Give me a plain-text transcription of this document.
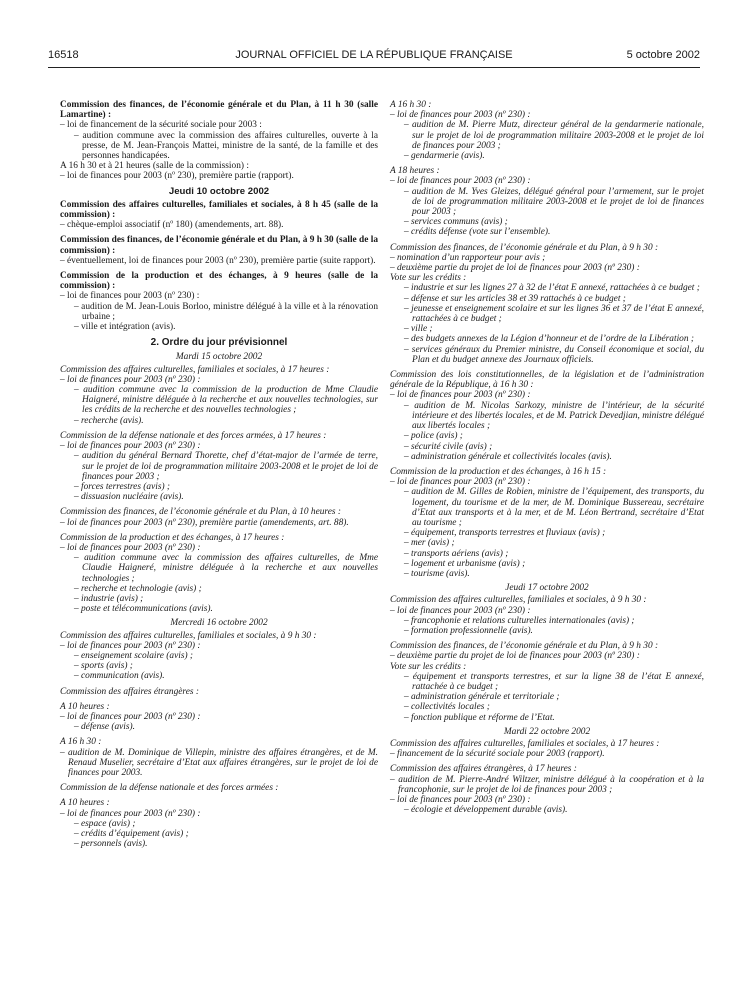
16518	JOURNAL OFFICIEL DE LA RÉPUBLIQUE FRANÇAISE	5 octobre 2002

Commission des finances, de l’économie générale et du Plan, à 11 h 30 (salle Lamartine) :

– loi de financement de la sécurité sociale pour 2003 :

– audition commune avec la commission des affaires culturelles, ouverte à la presse, de M. Jean-François Mattei, ministre de la santé, de la famille et des personnes handicapées.

A 16 h 30 et à 21 heures (salle de la commission) :

– loi de finances pour 2003 (nº 230), première partie (rapport).

Jeudi 10 octobre 2002

Commission des affaires culturelles, familiales et sociales, à 8 h 45 (salle de la commission) :

– chèque-emploi associatif (nº 180) (amendements, art. 88).

Commission des finances, de l’économie générale et du Plan, à 9 h 30 (salle de la commission) :

– éventuellement, loi de finances pour 2003 (nº 230), première partie (suite rapport).

Commission de la production et des échanges, à 9 heures (salle de la commission) :

– loi de finances pour 2003 (nº 230) :

– audition de M. Jean-Louis Borloo, ministre délégué à la ville et à la rénovation urbaine ;

– ville et intégration (avis).

2. Ordre du jour prévisionnel

Mardi 15 octobre 2002

Commission des affaires culturelles, familiales et sociales, à 17 heures :

– loi de finances pour 2003 (nº 230) :

– audition commune avec la commission de la production de Mme Claudie Haigneré, ministre déléguée à la recherche et aux nouvelles technologies, sur les crédits de la recherche et des nouvelles technologies ;

– recherche (avis).

Commission de la défense nationale et des forces armées, à 17 heures :

– loi de finances pour 2003 (nº 230) :

– audition du général Bernard Thorette, chef d’état-major de l’armée de terre, sur le projet de loi de programmation militaire 2003-2008 et le projet de loi de finances pour 2003 ;

– forces terrestres (avis) ;

– dissuasion nucléaire (avis).

Commission des finances, de l’économie générale et du Plan, à 10 heures :

– loi de finances pour 2003 (nº 230), première partie (amendements, art. 88).

Commission de la production et des échanges, à 17 heures :

– loi de finances pour 2003 (nº 230) :

– audition commune avec la commission des affaires culturelles, de Mme Claudie Haigneré, ministre déléguée à la recherche et aux nouvelles technologies ;

– recherche et technologie (avis) ;

– industrie (avis) ;

– poste et télécommunications (avis).

Mercredi 16 octobre 2002

Commission des affaires culturelles, familiales et sociales, à 9 h 30 :

– loi de finances pour 2003 (nº 230) :

– enseignement scolaire (avis) ;

– sports (avis) ;

– communication (avis).

Commission des affaires étrangères :

A 10 heures :

– loi de finances pour 2003 (nº 230) :

– défense (avis).

A 16 h 30 :

– audition de M. Dominique de Villepin, ministre des affaires étrangères, et de M. Renaud Muselier, secrétaire d’Etat aux affaires étrangères, sur le projet de loi de finances pour 2003.

Commission de la défense nationale et des forces armées :

A 10 heures :

– loi de finances pour 2003 (nº 230) :

– espace (avis) ;

– crédits d’équipement (avis) ;

– personnels (avis).

A 16 h 30 :

– loi de finances pour 2003 (nº 230) :

– audition de M. Pierre Mutz, directeur général de la gendarmerie nationale, sur le projet de loi de programmation militaire 2003-2008 et le projet de loi de finances pour 2003 ;

– gendarmerie (avis).

A 18 heures :

– loi de finances pour 2003 (nº 230) :

– audition de M. Yves Gleizes, délégué général pour l’armement, sur le projet de loi de programmation militaire 2003-2008 et le projet de loi de finances pour 2003 ;

– services communs (avis) ;

– crédits défense (vote sur l’ensemble).

Commission des finances, de l’économie générale et du Plan, à 9 h 30 :

– nomination d’un rapporteur pour avis ;

– deuxième partie du projet de loi de finances pour 2003 (nº 230) :

Vote sur les crédits :

– industrie et sur les lignes 27 à 32 de l’état E annexé, rattachées à ce budget ;

– défense et sur les articles 38 et 39 rattachés à ce budget ;

– jeunesse et enseignement scolaire et sur les lignes 36 et 37 de l’état E annexé, rattachées à ce budget ;

– ville ;

– des budgets annexes de la Légion d’honneur et de l’ordre de la Libération ;

– services généraux du Premier ministre, du Conseil économique et social, du Plan et du budget annexe des Journaux officiels.

Commission des lois constitutionnelles, de la législation et de l’administration générale de la République, à 16 h 30 :

– loi de finances pour 2003 (nº 230) :

– audition de M. Nicolas Sarkozy, ministre de l’intérieur, de la sécurité intérieure et des libertés locales, et de M. Patrick Devedjian, ministre délégué aux libertés locales ;

– police (avis) ;

– sécurité civile (avis) ;

– administration générale et collectivités locales (avis).

Commission de la production et des échanges, à 16 h 15 :

– loi de finances pour 2003 (nº 230) :

– audition de M. Gilles de Robien, ministre de l’équipement, des transports, du logement, du tourisme et de la mer, de M. Dominique Bussereau, secrétaire d’Etat aux transports et à la mer, et de M. Léon Bertrand, secrétaire d’Etat au tourisme ;

– équipement, transports terrestres et fluviaux (avis) ;

– mer (avis) ;

– transports aériens (avis) ;

– logement et urbanisme (avis) ;

– tourisme (avis).

Jeudi 17 octobre 2002

Commission des affaires culturelles, familiales et sociales, à 9 h 30 :

– loi de finances pour 2003 (nº 230) :

– francophonie et relations culturelles internationales (avis) ;

– formation professionnelle (avis).

Commission des finances, de l’économie générale et du Plan, à 9 h 30 :

– deuxième partie du projet de loi de finances pour 2003 (nº 230) :

Vote sur les crédits :

– équipement et transports terrestres, et sur la ligne 38 de l’état E annexé, rattachée à ce budget ;

– administration générale et territoriale ;

– collectivités locales ;

– fonction publique et réforme de l’Etat.

Mardi 22 octobre 2002

Commission des affaires culturelles, familiales et sociales, à 17 heures :

– financement de la sécurité sociale pour 2003 (rapport).

Commission des affaires étrangères, à 17 heures :

– audition de M. Pierre-André Wiltzer, ministre délégué à la coopération et à la francophonie, sur le projet de loi de finances pour 2003 ;

– loi de finances pour 2003 (nº 230) :

– écologie et développement durable (avis).
